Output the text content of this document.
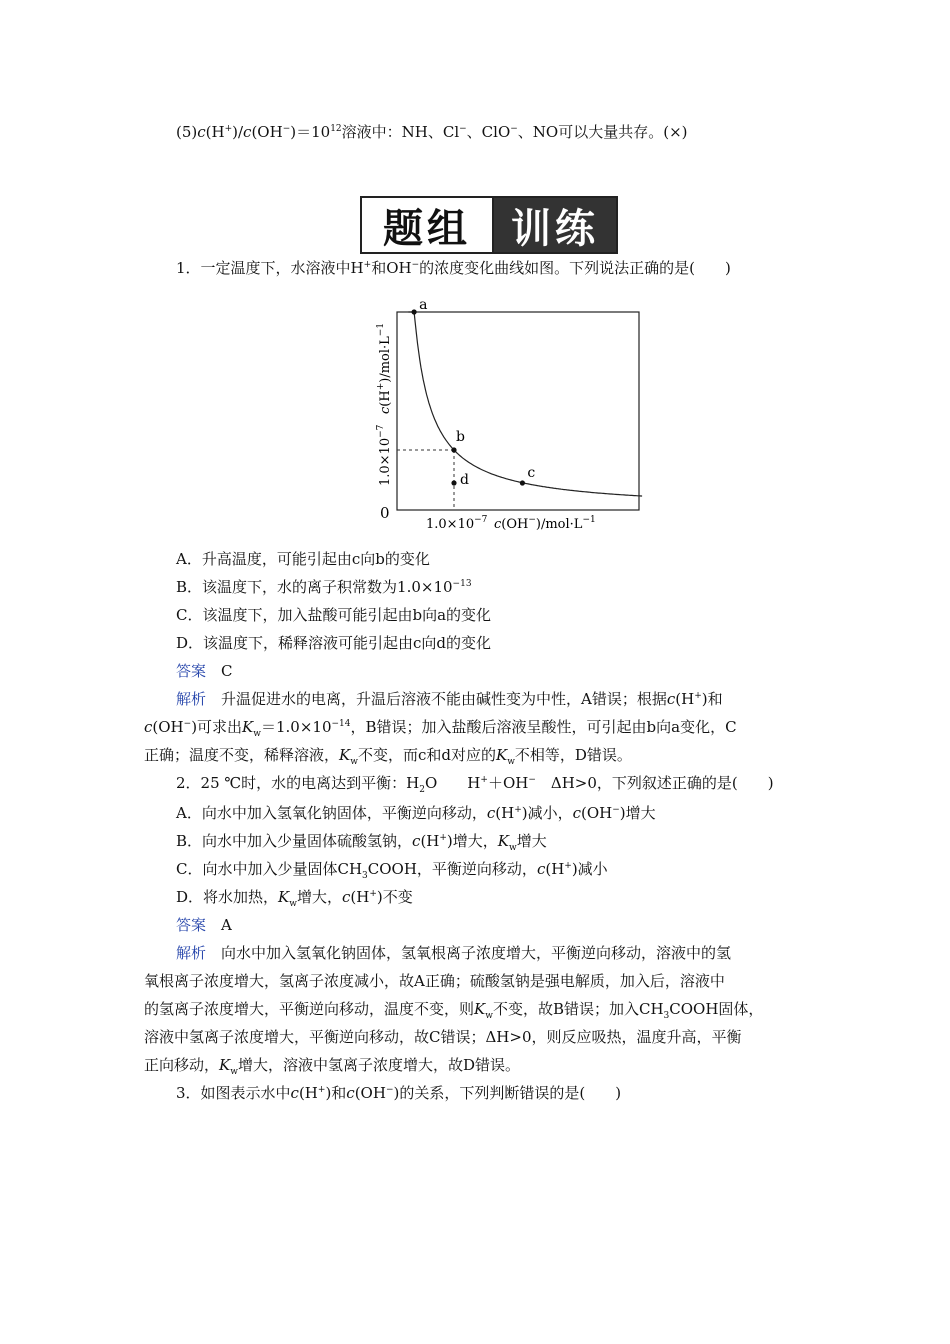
$(5)c(H^+)/c(OH^-)=10^{12}$溶液中：NH、Cl−、ClO−、NO可以大量共存。(×)
题组	训练
1．一定温度下，水溶液中H+和OH−的浓度变化曲线如图。下列说法正确的是(　　)
a
b
c
d
0
$1.0\times 10^{-7}$ $c(OH^-)/mol\cdot L^{-1}$
$1.0\times 10^{-7}$
$c(H^+)/mol\cdot L^{-1}$
A．升高温度，可能引起由c向b的变化
B．该温度下，水的离子积常数为$1.0\times 10^{-13}$
C．该温度下，加入盐酸可能引起由b向a的变化
D．该温度下，稀释溶液可能引起由c向d的变化
答案　 C
解析　 升温促进水的电离，升温后溶液不能由碱性变为中性，A错误；根据c(H+)和
c(OH−)可求出$K_w=1.0\times 10^{-14}$，B错误；加入盐酸后溶液呈酸性，可引起由b向a变化，C
正确；温度不变，稀释溶液，$K_w$不变，而c和d对应的$K_w$不相等，D错误。
2．25 ℃时，水的电离达到平衡：$H_2O$　　H+＋OH−　ΔH>0，下列叙述正确的是(　　)
A．向水中加入氢氧化钠固体，平衡逆向移动，c(H+)减小，c(OH−)增大
B．向水中加入少量固体硫酸氢钠，c(H+)增大，$K_w$增大
C．向水中加入少量固体$CH_3COOH$，平衡逆向移动，c(H+)减小
D．将水加热，$K_w$增大，c(H+)不变
答案　 A
解析　 向水中加入氢氧化钠固体，氢氧根离子浓度增大，平衡逆向移动，溶液中的氢
氧根离子浓度增大，氢离子浓度减小，故A正确；硫酸氢钠是强电解质，加入后，溶液中
的氢离子浓度增大，平衡逆向移动，温度不变，则$K_w$不变，故B错误；加入$CH_3COOH$固体，
溶液中氢离子浓度增大，平衡逆向移动，故C错误；ΔH>0，则反应吸热，温度升高，平衡
正向移动，$K_w$增大，溶液中氢离子浓度增大，故D错误。
3．如图表示水中c(H+)和c(OH−)的关系，下列判断错误的是(　　)
